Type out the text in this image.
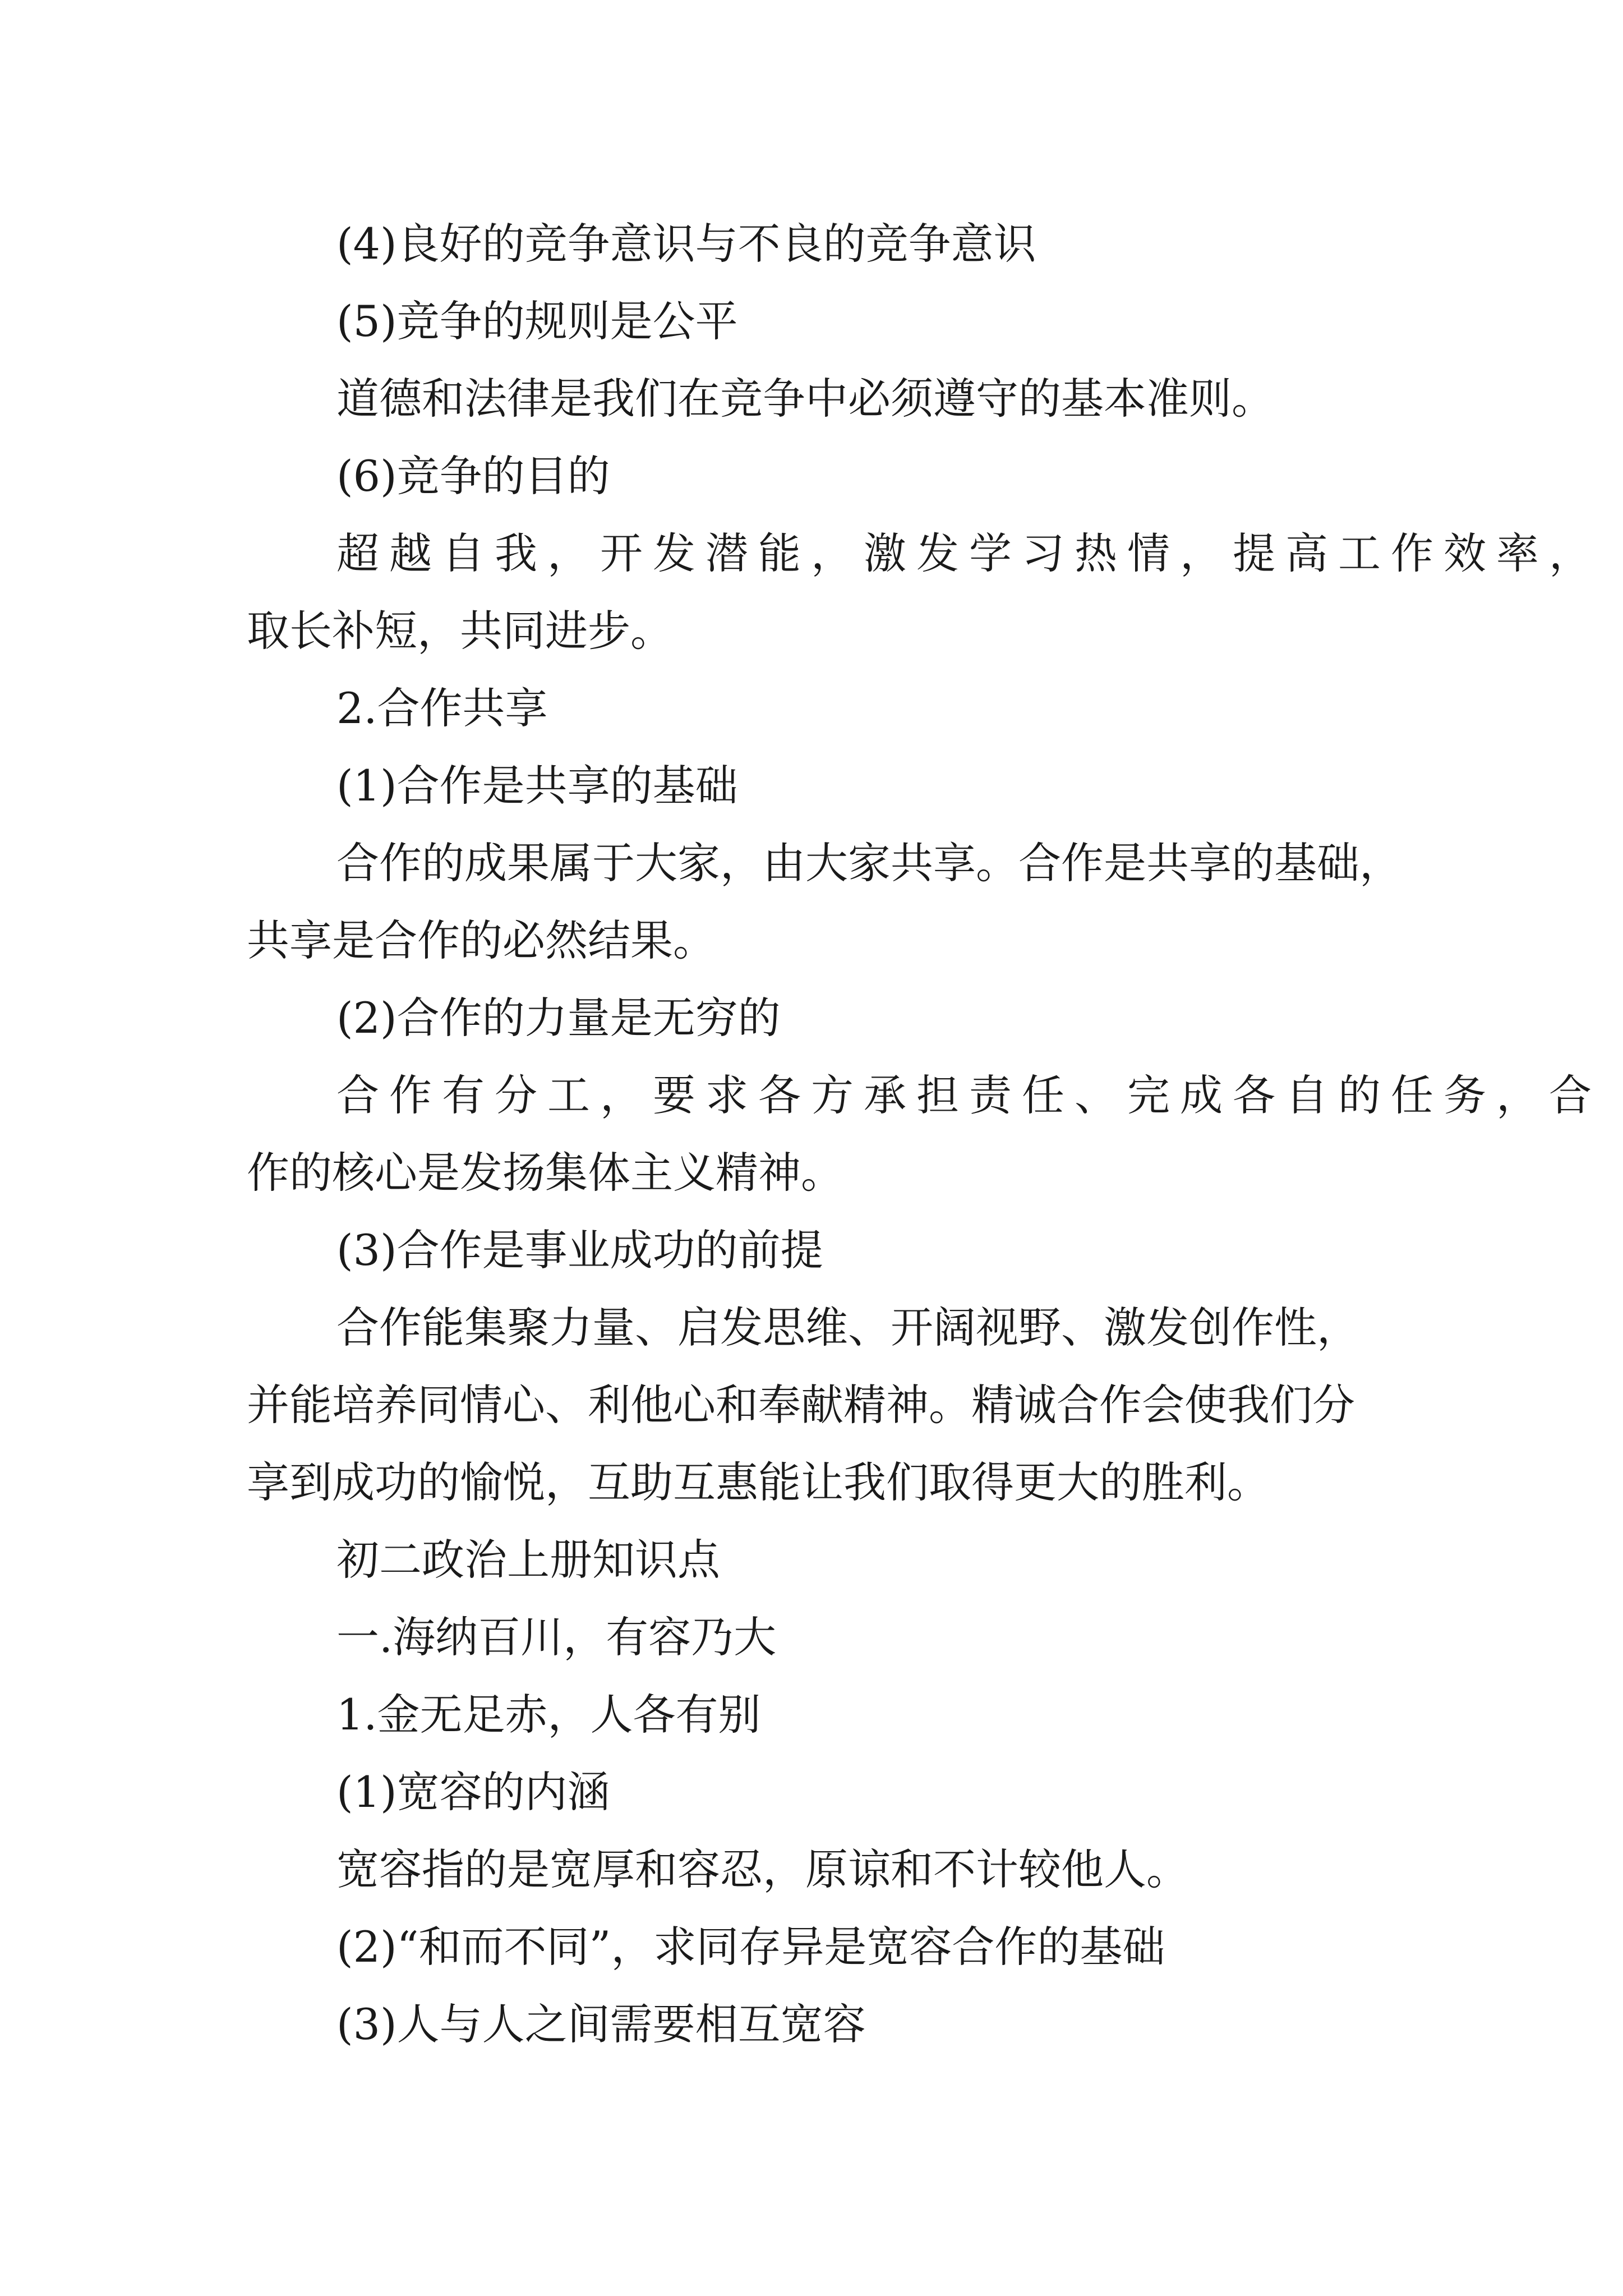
(4)良好的竞争意识与不良的竞争意识
(5)竞争的规则是公平
道德和法律是我们在竞争中必须遵守的基本准则。
(6)竞争的目的
超越自我，开发潜能，激发学习热情，提高工作效率，
取长补短，共同进步。
2.合作共享
(1)合作是共享的基础
合作的成果属于大家，由大家共享。合作是共享的基础，
共享是合作的必然结果。
(2)合作的力量是无穷的
合作有分工，要求各方承担责任、完成各自的任务，合
作的核心是发扬集体主义精神。
(3)合作是事业成功的前提
合作能集聚力量、启发思维、开阔视野、激发创作性，
并能培养同情心、利他心和奉献精神。精诚合作会使我们分
享到成功的愉悦，互助互惠能让我们取得更大的胜利。
初二政治上册知识点
一.海纳百川，有容乃大
1.金无足赤，人各有别
(1)宽容的内涵
宽容指的是宽厚和容忍，原谅和不计较他人。
(2)“和而不同”，求同存异是宽容合作的基础
(3)人与人之间需要相互宽容
